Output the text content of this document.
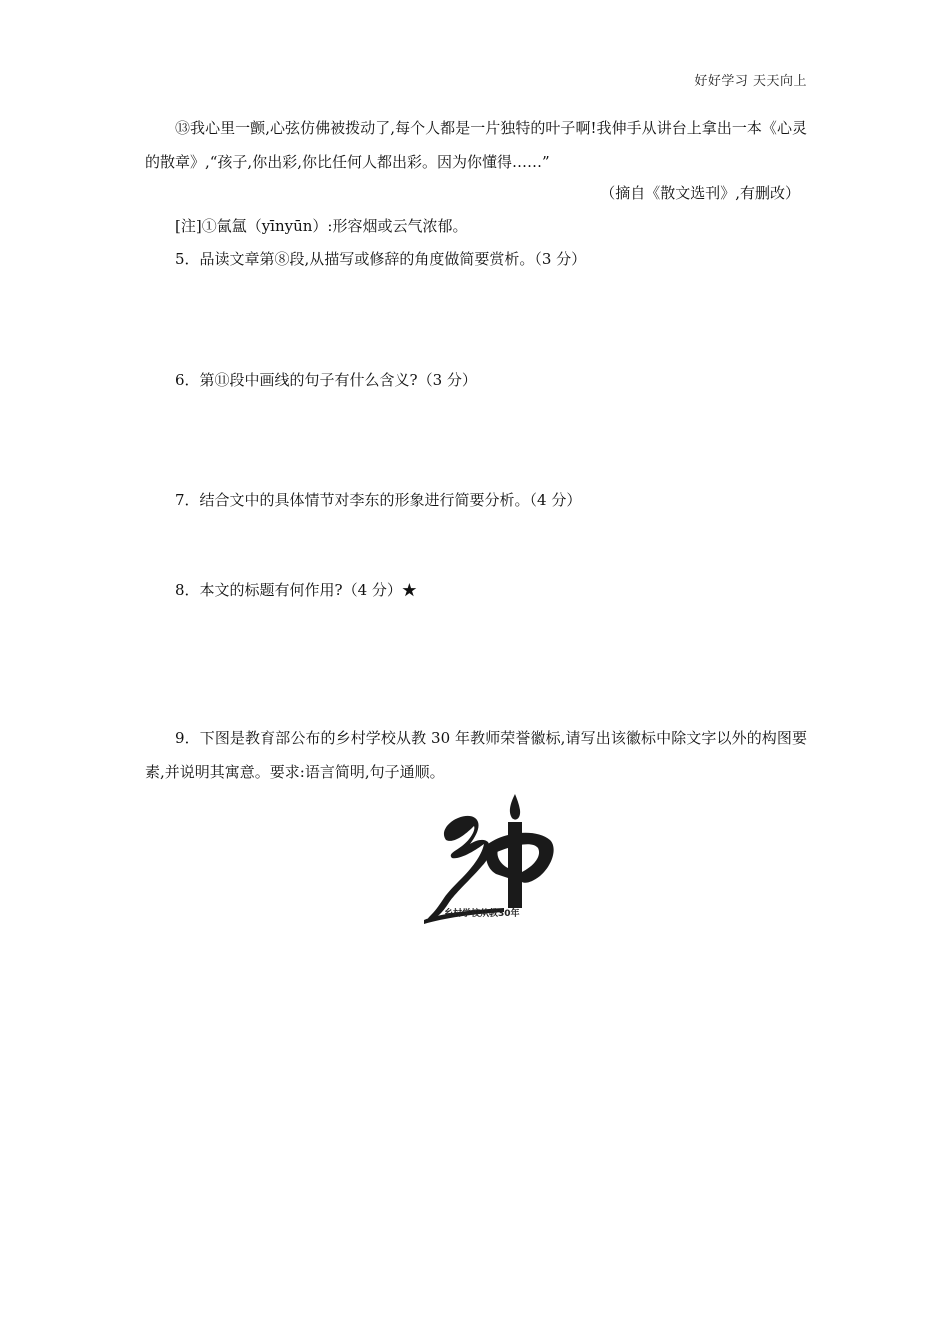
好好学习 天天向上
⑬我心里一颤,心弦仿佛被拨动了,每个人都是一片独特的叶子啊!我伸手从讲台上拿出一本《心灵的散章》,“孩子,你出彩,你比任何人都出彩。因为你懂得……”
（摘自《散文选刊》,有删改）
[注]①氤氲（yīnyūn）:形容烟或云气浓郁。
5．品读文章第⑧段,从描写或修辞的角度做简要赏析。（3 分）
6．第⑪段中画线的句子有什么含义?（3 分）
7．结合文中的具体情节对李东的形象进行简要分析。（4 分）
8．本文的标题有何作用?（4 分）★
9．下图是教育部公布的乡村学校从教 30 年教师荣誉徽标,请写出该徽标中除文字以外的构图要素,并说明其寓意。要求:语言简明,句子通顺。
乡村学校从教30年
